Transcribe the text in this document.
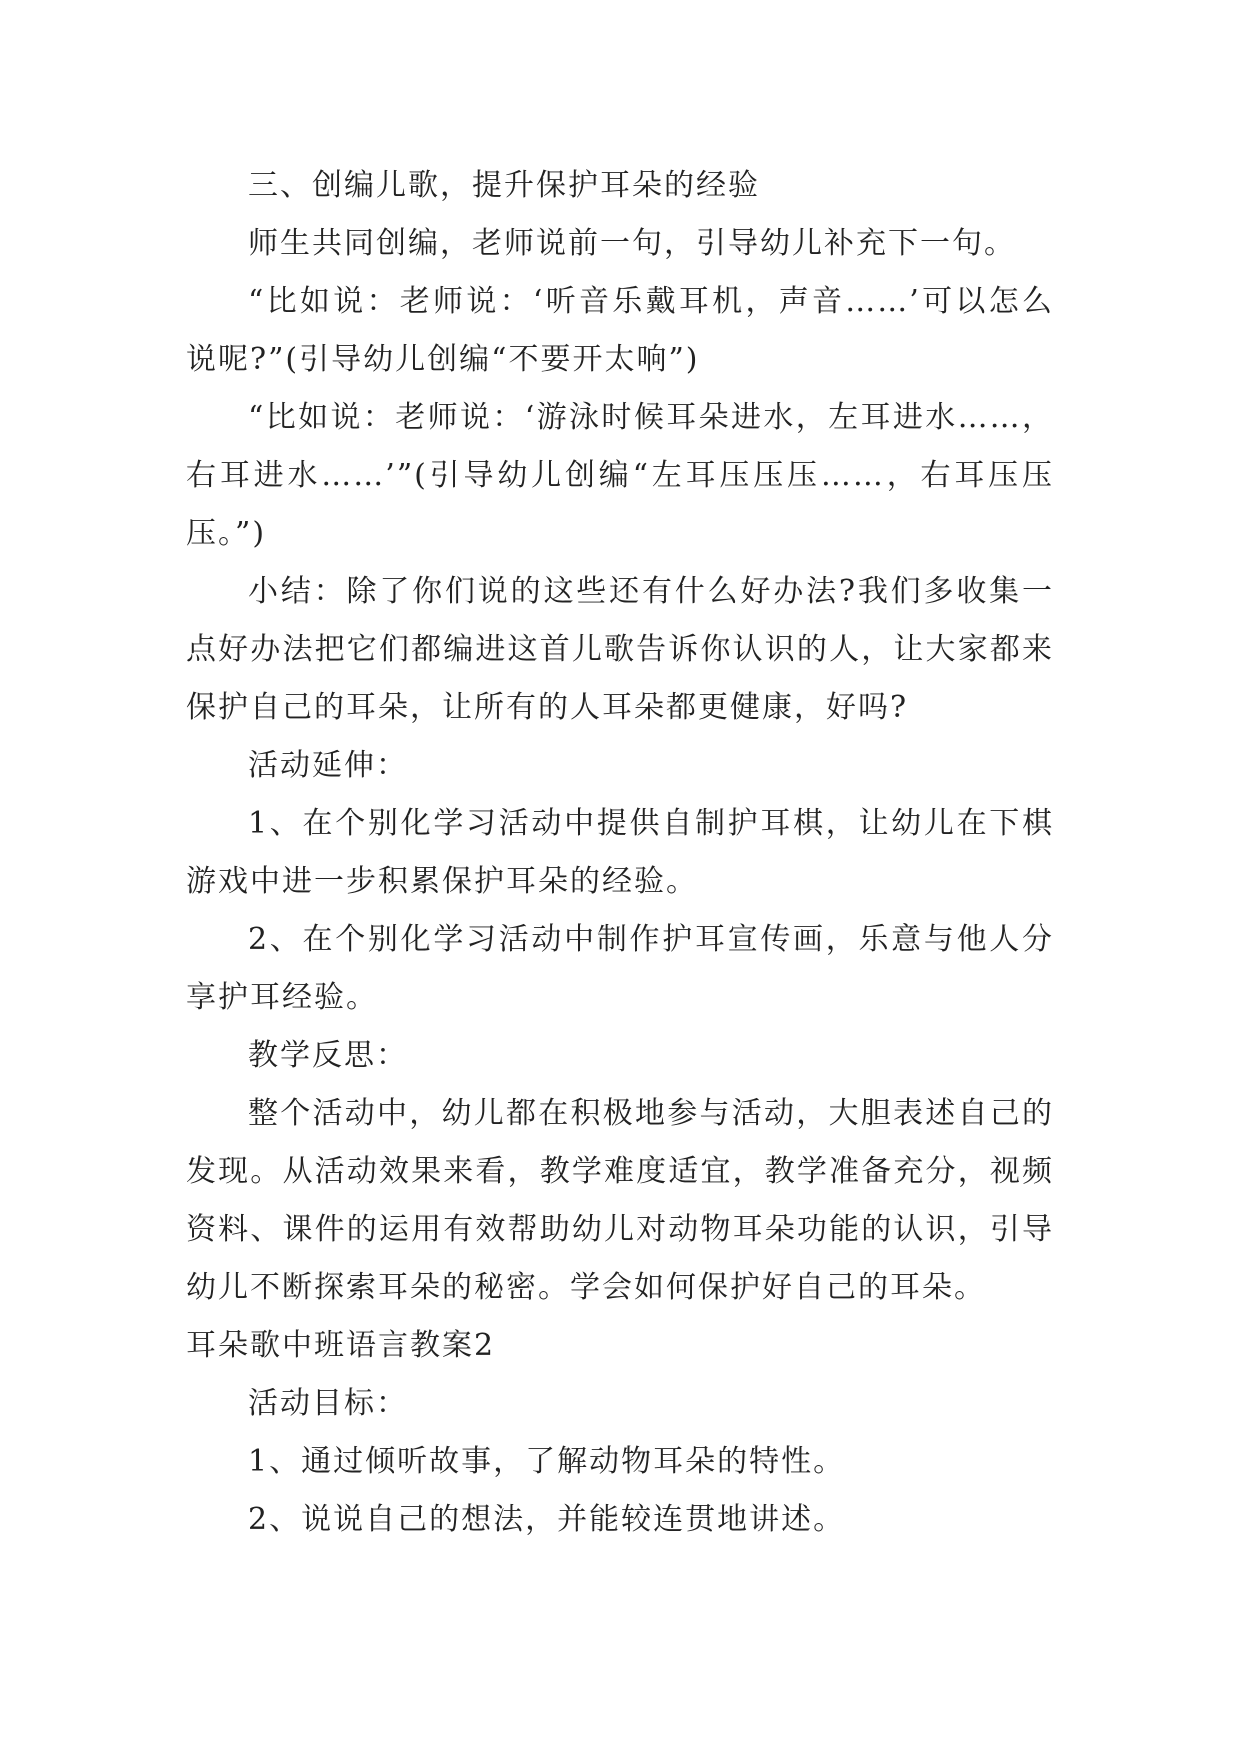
三、创编儿歌，提升保护耳朵的经验

师生共同创编，老师说前一句，引导幼儿补充下一句。

“比如说：老师说：‘听音乐戴耳机，声音……’可以怎么说呢?”(引导幼儿创编“不要开太响”)

“比如说：老师说：‘游泳时候耳朵进水，左耳进水……，右耳进水……’”(引导幼儿创编“左耳压压压……，右耳压压压。”)

小结：除了你们说的这些还有什么好办法?我们多收集一点好办法把它们都编进这首儿歌告诉你认识的人，让大家都来保护自己的耳朵，让所有的人耳朵都更健康，好吗?

活动延伸：

1、在个别化学习活动中提供自制护耳棋，让幼儿在下棋游戏中进一步积累保护耳朵的经验。

2、在个别化学习活动中制作护耳宣传画，乐意与他人分享护耳经验。

教学反思：

整个活动中，幼儿都在积极地参与活动，大胆表述自己的发现。从活动效果来看，教学难度适宜，教学准备充分，视频资料、课件的运用有效帮助幼儿对动物耳朵功能的认识，引导幼儿不断探索耳朵的秘密。学会如何保护好自己的耳朵。

耳朵歌中班语言教案2

活动目标：

1、通过倾听故事，了解动物耳朵的特性。

2、说说自己的想法，并能较连贯地讲述。
